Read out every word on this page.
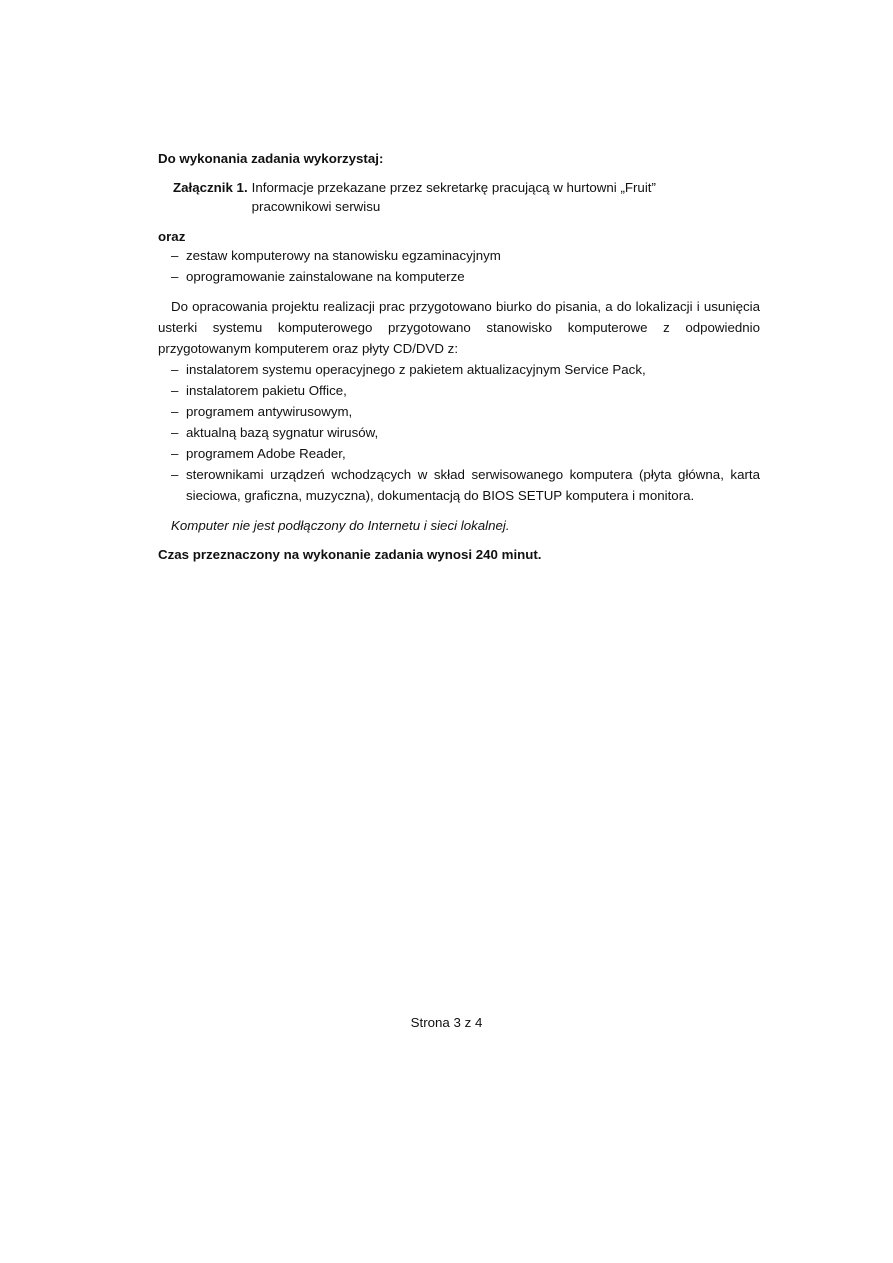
Do wykonania zadania wykorzystaj:
Załącznik 1. Informacje przekazane przez sekretarkę pracującą w hurtowni „Fruit”
pracownikowi serwisu
oraz
– zestaw komputerowy na stanowisku egzaminacyjnym
– oprogramowanie zainstalowane na komputerze
Do opracowania projektu realizacji prac przygotowano biurko do pisania, a do lokalizacji i usunięcia usterki systemu komputerowego przygotowano stanowisko komputerowe z odpowiednio przygotowanym komputerem oraz płyty CD/DVD z:
– instalatorem systemu operacyjnego z pakietem aktualizacyjnym Service Pack,
– instalatorem pakietu Office,
– programem antywirusowym,
– aktualną bazą sygnatur wirusów,
– programem Adobe Reader,
– sterownikami urządzeń wchodzących w skład serwisowanego komputera (płyta główna, karta sieciowa, graficzna, muzyczna), dokumentacją do BIOS SETUP komputera i monitora.
Komputer nie jest podłączony do Internetu i sieci lokalnej.
Czas przeznaczony na wykonanie zadania wynosi 240 minut.
Strona 3 z 4
